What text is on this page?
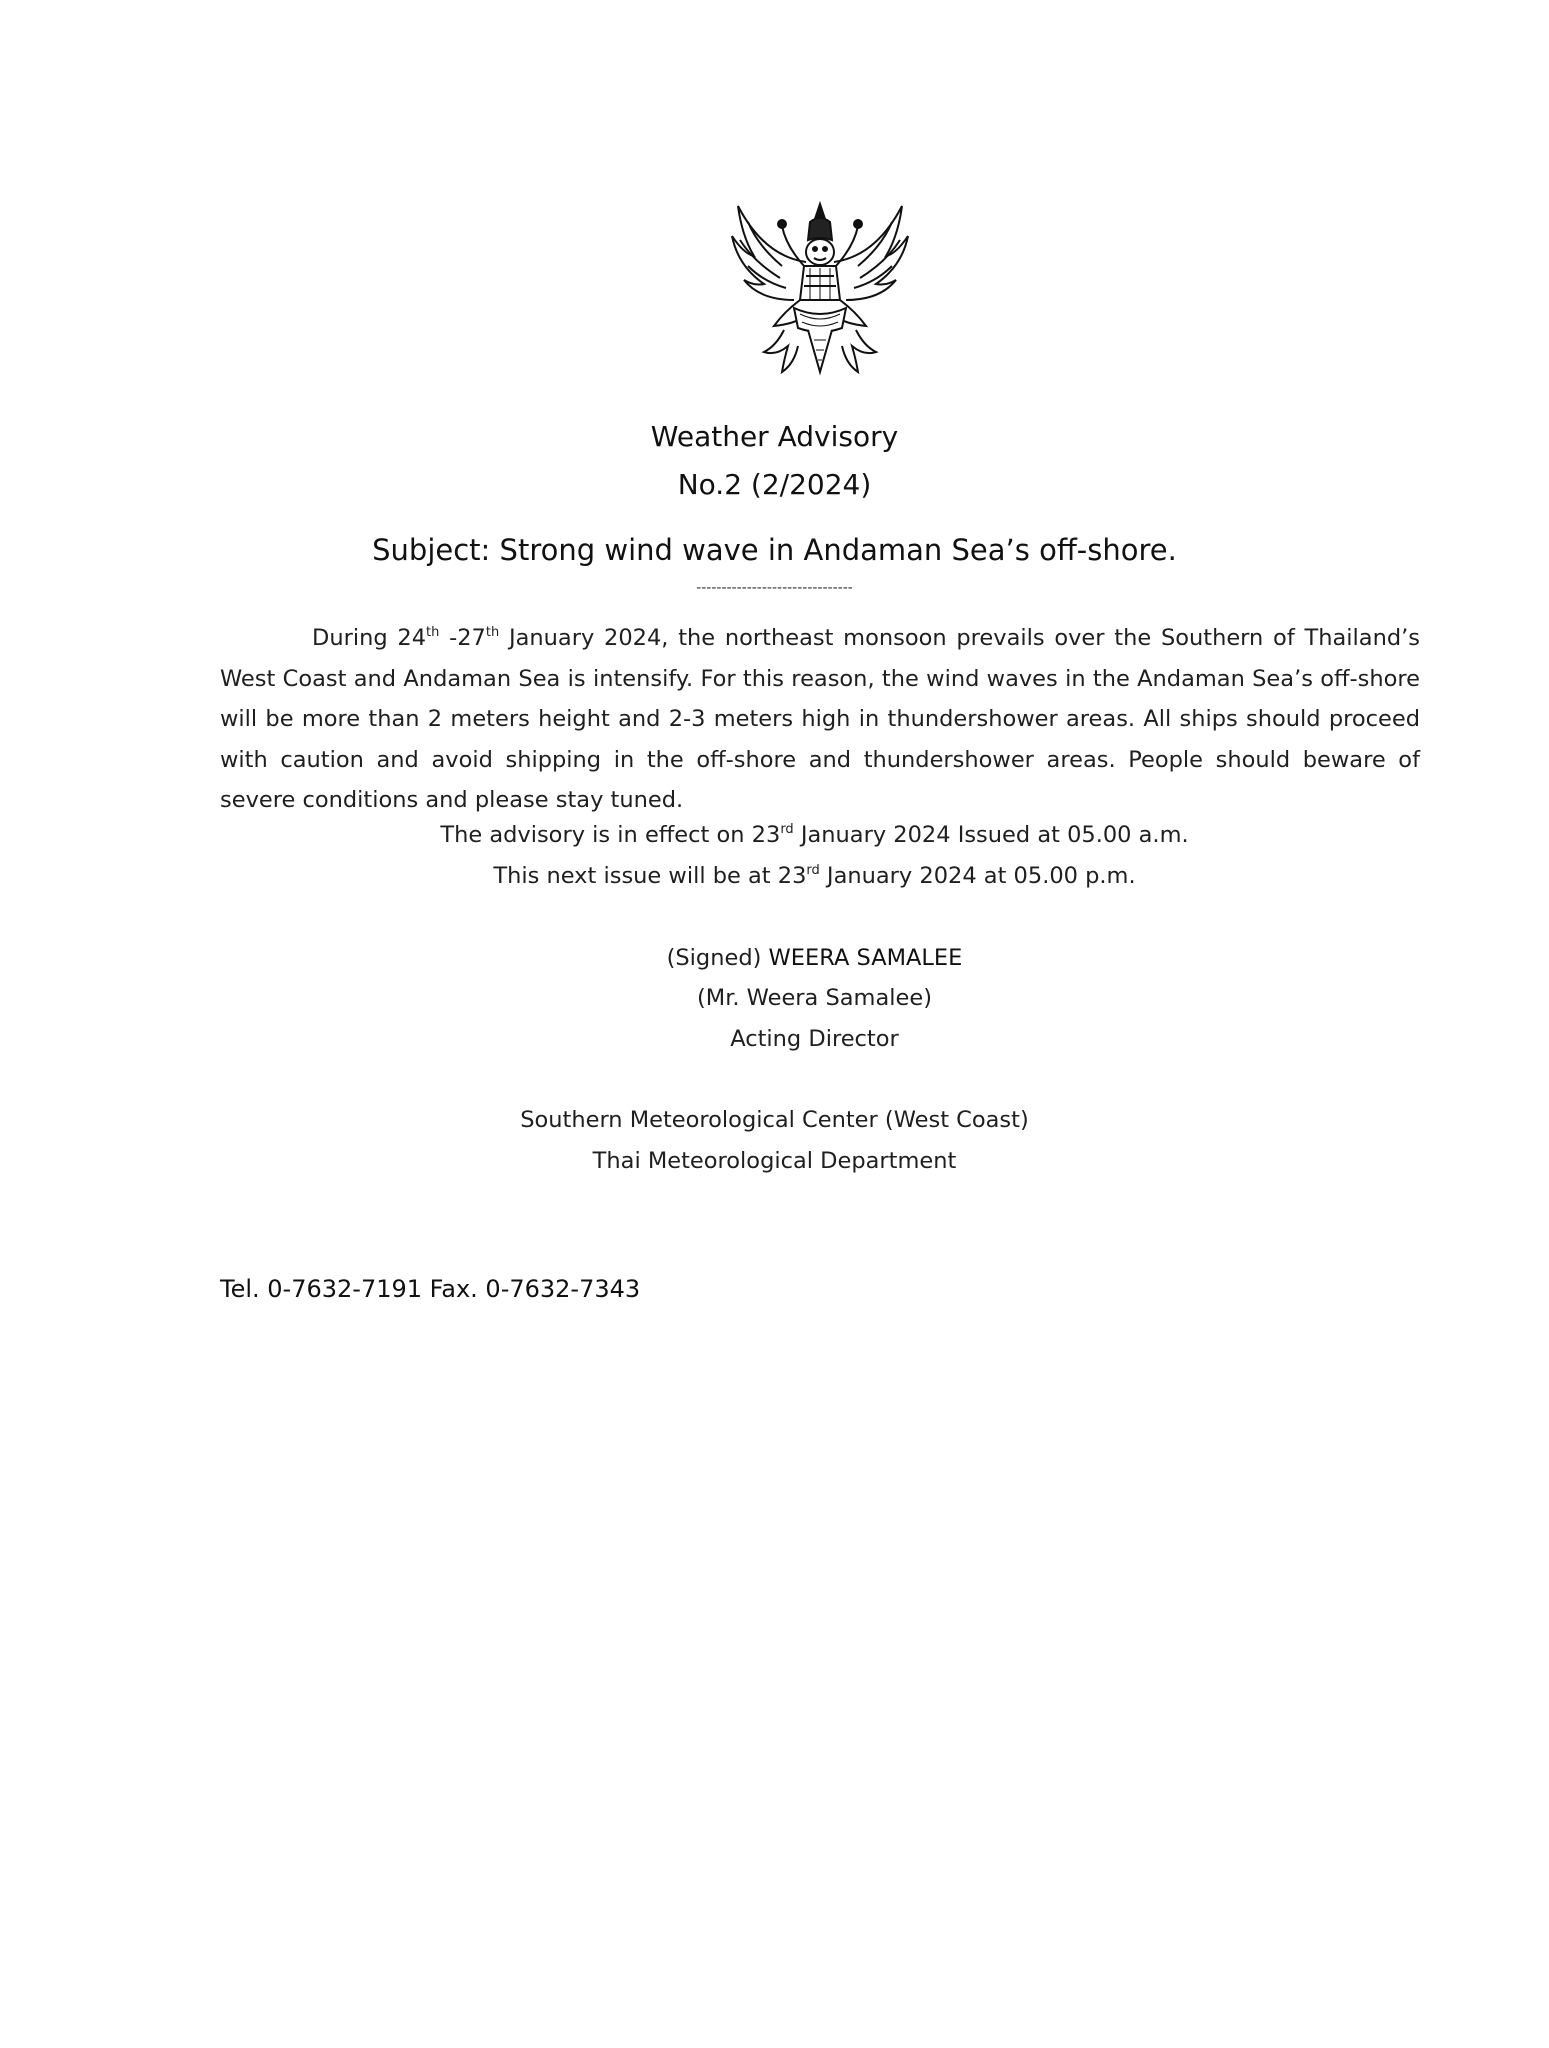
Weather Advisory
No.2 (2/2024)
Subject: Strong wind wave in Andaman Sea’s off-shore.
-------------------------------

During 24th -27th January 2024, the northeast monsoon prevails over the Southern of Thailand’s West Coast and Andaman Sea is intensify. For this reason, the wind waves in the Andaman Sea’s off-shore will be more than 2 meters height and 2-3 meters high in thundershower areas. All ships should proceed with caution and avoid shipping in the off-shore and thundershower areas. People should beware of severe conditions and please stay tuned.

The advisory is in effect on 23rd January 2024 Issued at 05.00 a.m.
This next issue will be at 23rd January 2024 at 05.00 p.m.
(Signed) WEERA SAMALEE
(Mr. Weera Samalee)
Acting Director
Southern Meteorological Center (West Coast)
Thai Meteorological Department
Tel. 0-7632-7191 Fax. 0-7632-7343
